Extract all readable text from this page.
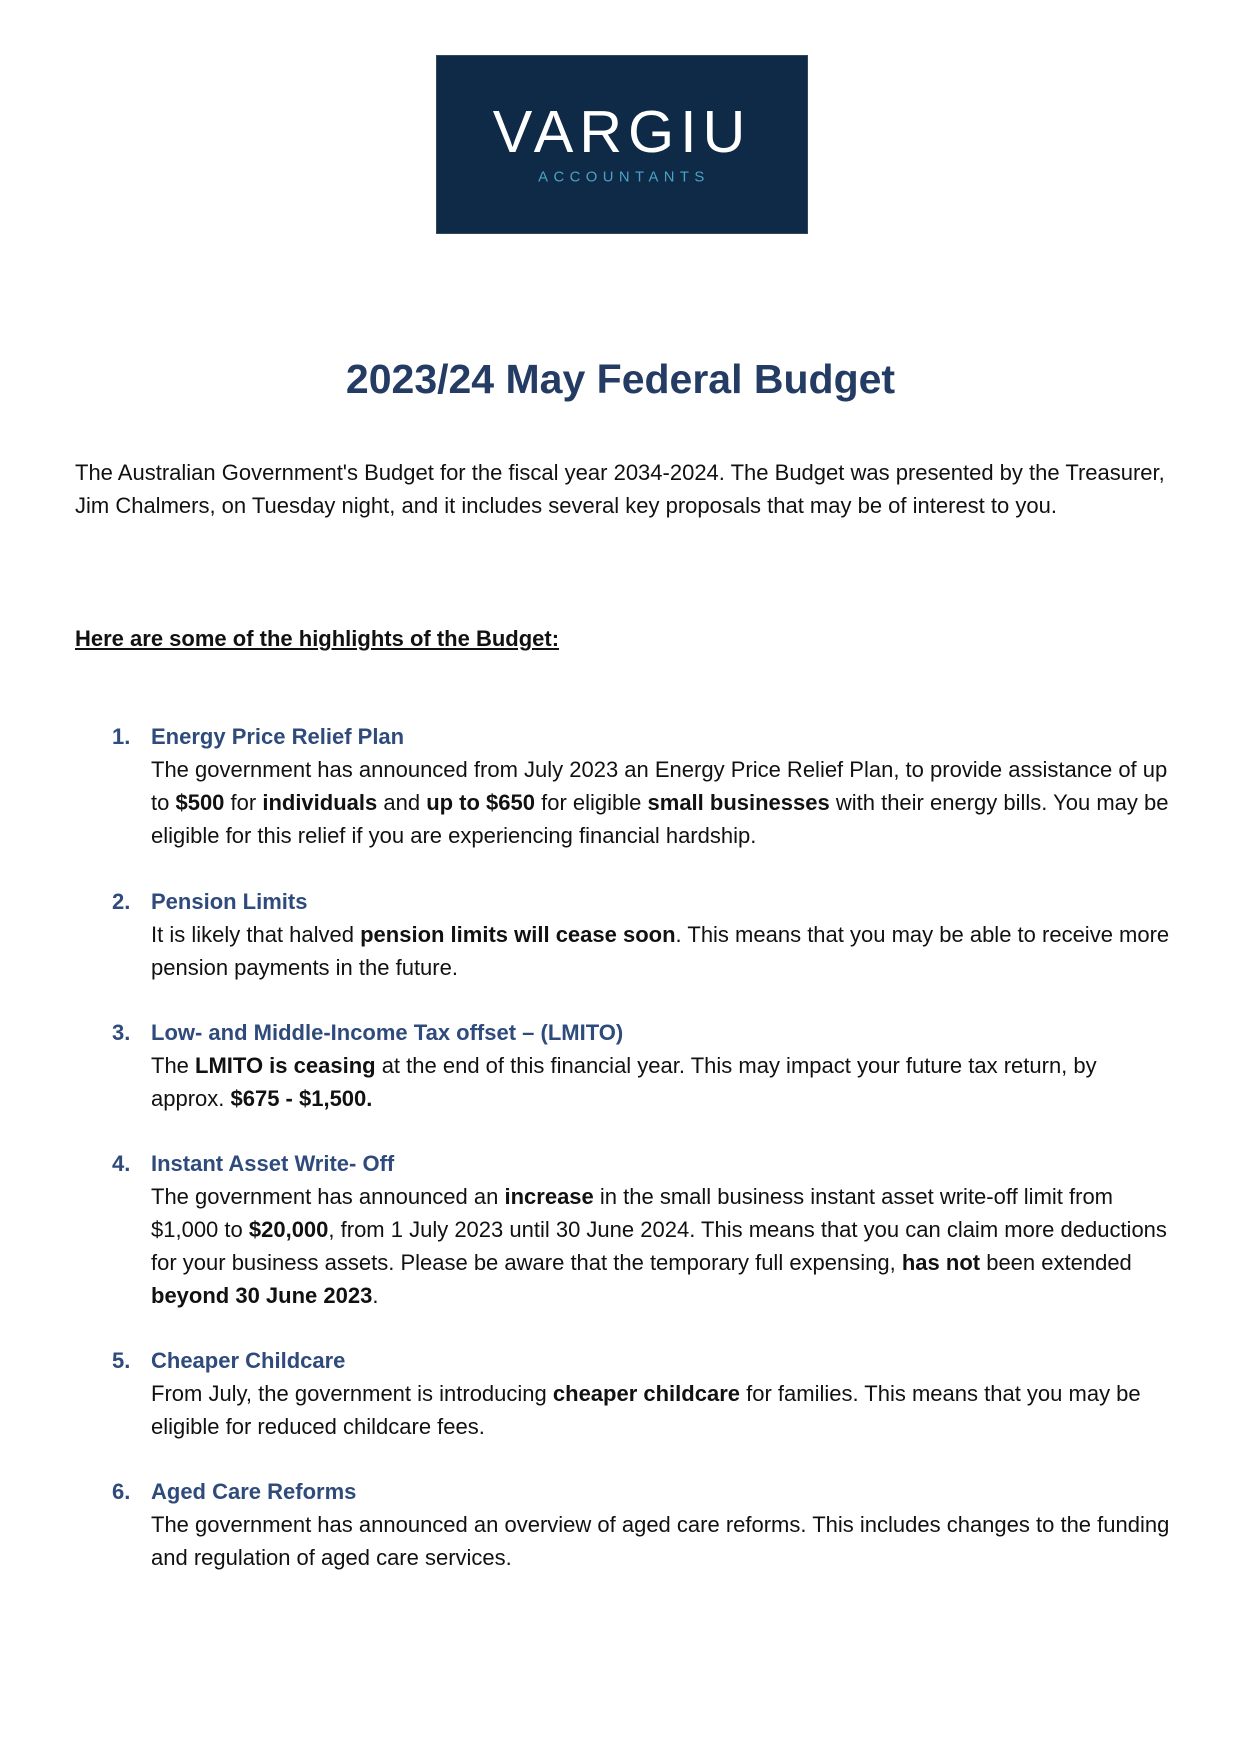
VARGIU
ACCOUNTANTS
2023/24 May Federal Budget

The Australian Government's Budget for the fiscal year 2034-2024. The Budget was presented by the Treasurer, Jim Chalmers, on Tuesday night, and it includes several key proposals that may be of interest to you.

Here are some of the highlights of the Budget:

1. Energy Price Relief Plan

The government has announced from July 2023 an Energy Price Relief Plan, to provide assistance of up to $500 for individuals and up to $650 for eligible small businesses with their energy bills. You may be eligible for this relief if you are experiencing financial hardship.

2. Pension Limits

It is likely that halved pension limits will cease soon. This means that you may be able to receive more pension payments in the future.

3. Low- and Middle-Income Tax offset – (LMITO)

The LMITO is ceasing at the end of this financial year. This may impact your future tax return, by approx. $675 - $1,500.

4. Instant Asset Write- Off

The government has announced an increase in the small business instant asset write-off limit from $1,000 to $20,000, from 1 July 2023 until 30 June 2024. This means that you can claim more deductions for your business assets. Please be aware that the temporary full expensing, has not been extended beyond 30 June 2023.

5. Cheaper Childcare

From July, the government is introducing cheaper childcare for families. This means that you may be eligible for reduced childcare fees.

6. Aged Care Reforms

The government has announced an overview of aged care reforms. This includes changes to the funding and regulation of aged care services.
